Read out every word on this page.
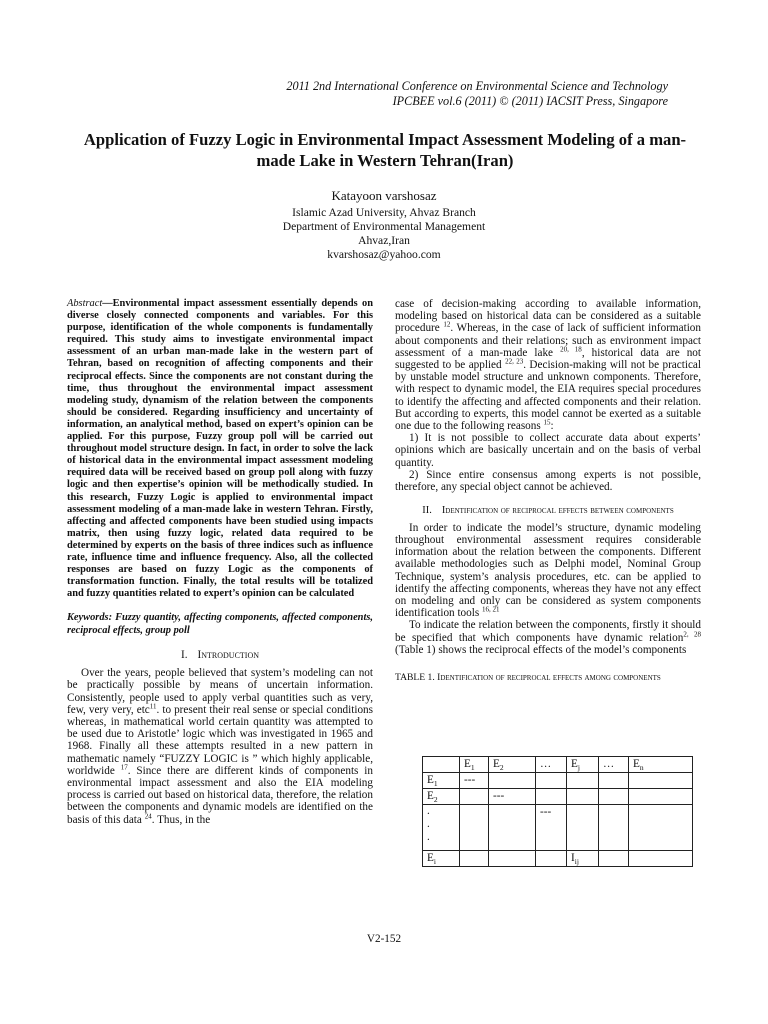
2011 2nd International Conference on Environmental Science and Technology
IPCBEE vol.6 (2011) © (2011) IACSIT Press, Singapore
Application of Fuzzy Logic in Environmental Impact Assessment Modeling of a man-made Lake in Western Tehran(Iran)
Katayoon varshosaz
Islamic Azad University, Ahvaz Branch
Department of Environmental Management
Ahvaz,Iran
kvarshosaz@yahoo.com

Abstract—Environmental impact assessment essentially depends on diverse closely connected components and variables. For this purpose, identification of the whole components is fundamentally required. This study aims to investigate environmental impact assessment of an urban man-made lake in the western part of Tehran, based on recognition of affecting components and their reciprocal effects. Since the components are not constant during the time, thus throughout the environmental impact assessment modeling study, dynamism of the relation between the components should be considered. Regarding insufficiency and uncertainty of information, an analytical method, based on expert’s opinion can be applied. For this purpose, Fuzzy group poll will be carried out throughout model structure design. In fact, in order to solve the lack of historical data in the environmental impact assessment modeling required data will be received based on group poll along with fuzzy logic and then expertise’s opinion will be methodically studied. In this research, Fuzzy Logic is applied to environmental impact assessment modeling of a man-made lake in western Tehran. Firstly, affecting and affected components have been studied using impacts matrix, then using fuzzy logic, related data required to be determined by experts on the basis of three indices such as influence rate, influence time and influence frequency. Also, all the collected responses are based on fuzzy Logic as the components of transformation function. Finally, the total results will be totalized and fuzzy quantities related to expert’s opinion can be calculated

Keywords: Fuzzy quantity, affecting components, affected components, reciprocal effects, group poll

I. Introduction

Over the years, people believed that system’s modeling can not be practically possible by means of uncertain information. Consistently, people used to apply verbal quantities such as very, few, very very, etc$^{11}$. to present their real sense or special conditions whereas, in mathematical world certain quantity was attempted to be used due to Aristotle’ logic which was investigated in 1965 and 1968. Finally all these attempts resulted in a new pattern in mathematic namely “FUZZY LOGIC is ” which highly applicable, worldwide $^{17}$. Since there are different kinds of components in environmental impact assessment and also the EIA modeling process is carried out based on historical data, therefore, the relation between the components and dynamic models are identified on the basis of this data $^{24}$. Thus, in the

case of decision-making according to available information, modeling based on historical data can be considered as a suitable procedure $^{12}$. Whereas, in the case of lack of sufficient information about components and their relations; such as environment impact assessment of a man-made lake $^{20, 18}$, historical data are not suggested to be applied $^{22, 23}$. Decision-making will not be practical by unstable model structure and unknown components. Therefore, with respect to dynamic model, the EIA requires special procedures to identify the affecting and affected components and their relation. But according to experts, this model cannot be exerted as a suitable one due to the following reasons $^{15}$:

1) It is not possible to collect accurate data about experts’ opinions which are basically uncertain and on the basis of verbal quantity.

2) Since entire consensus among experts is not possible, therefore, any special object cannot be achieved.

II. Identification of reciprocal effects between components

In order to indicate the model’s structure, dynamic modeling throughout environmental assessment requires considerable information about the relation between the components. Different available methodologies such as Delphi model, Nominal Group Technique, system’s analysis procedures, etc. can be applied to identify the affecting components, whereas they have not any effect on modeling and only can be considered as system components identification tools $^{16, 21}$

To indicate the relation between the components, firstly it should be specified that which components have dynamic relation$^{2, 28}$ (Table 1) shows the reciprocal effects of the model’s components

TABLE 1. Identification of reciprocal effects among components

	$E_1$	$E_2$	…	$E_j$	…	$E_n$
$E_1$	---					
$E_2$		---				
.
.
.			---			
$E_i$				$I_{ij}$		
V2-152
